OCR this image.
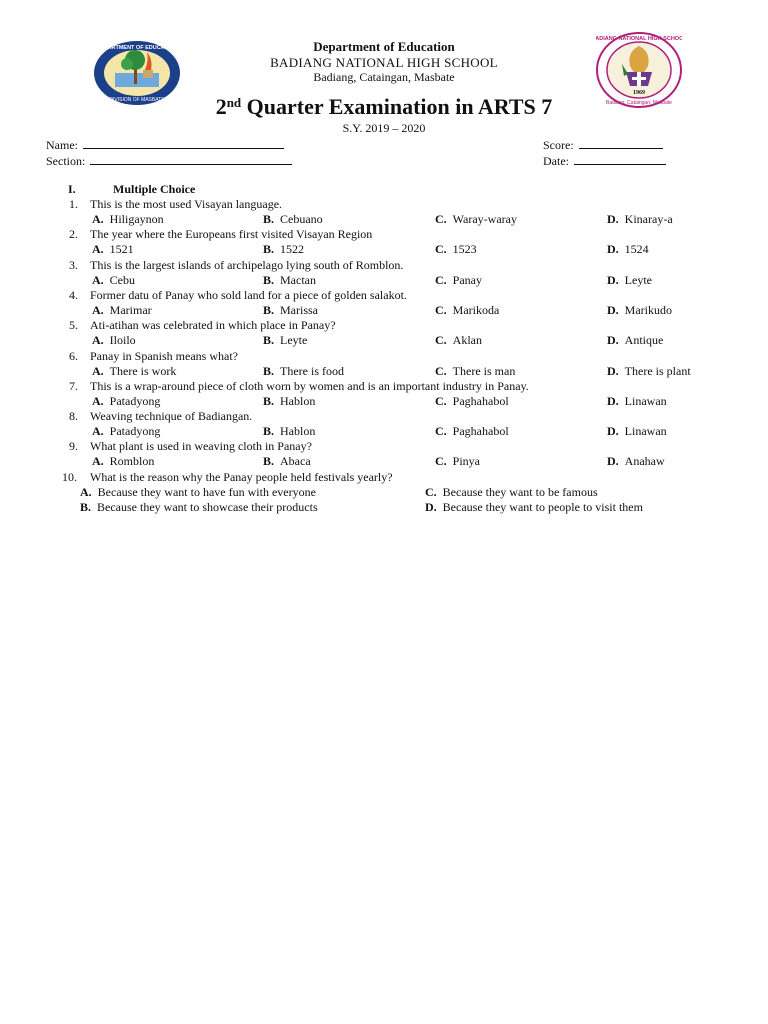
DEPARTMENT OF EDUCATION
DIVISION OF MASBATE
BADIANG NATIONAL HIGH SCHOOL
1969
Badiang, Cataingan, Masbate
Department of Education
BADIANG NATIONAL HIGH SCHOOL
Badiang, Cataingan, Masbate
2nd Quarter Examination in ARTS 7
S.Y. 2019 – 2020
Name:
Section:
Score:
Date:
I.	Multiple Choice
1. This is the most used Visayan language.
A. Hiligaynon	B. Cebuano	C. Waray-waray	D. Kinaray-a
2. The year where the Europeans first visited Visayan Region
A. 1521	B. 1522	C. 1523	D. 1524
3. This is the largest islands of archipelago lying south of Romblon.
A. Cebu	B. Mactan	C. Panay	D. Leyte
4. Former datu of Panay who sold land for a piece of golden salakot.
A. Marimar	B. Marissa	C. Marikoda	D. Marikudo
5. Ati-atihan was celebrated in which place in Panay?
A. Iloilo	B. Leyte	C. Aklan	D. Antique
6. Panay in Spanish means what?
A. There is work	B. There is food	C. There is man	D. There is plant
7. This is a wrap-around piece of cloth worn by women and is an important industry in Panay.
A. Patadyong	B. Hablon	C. Paghahabol	D. Linawan
8. Weaving technique of Badiangan.
A. Patadyong	B. Hablon	C. Paghahabol	D. Linawan
9. What plant is used in weaving cloth in Panay?
A. Romblon	B. Abaca	C. Pinya	D. Anahaw
10. What is the reason why the Panay people held festivals yearly?
A. Because they want to have fun with everyone	C. Because they want to be famous
B. Because they want to showcase their products	D. Because they want to people to visit them
